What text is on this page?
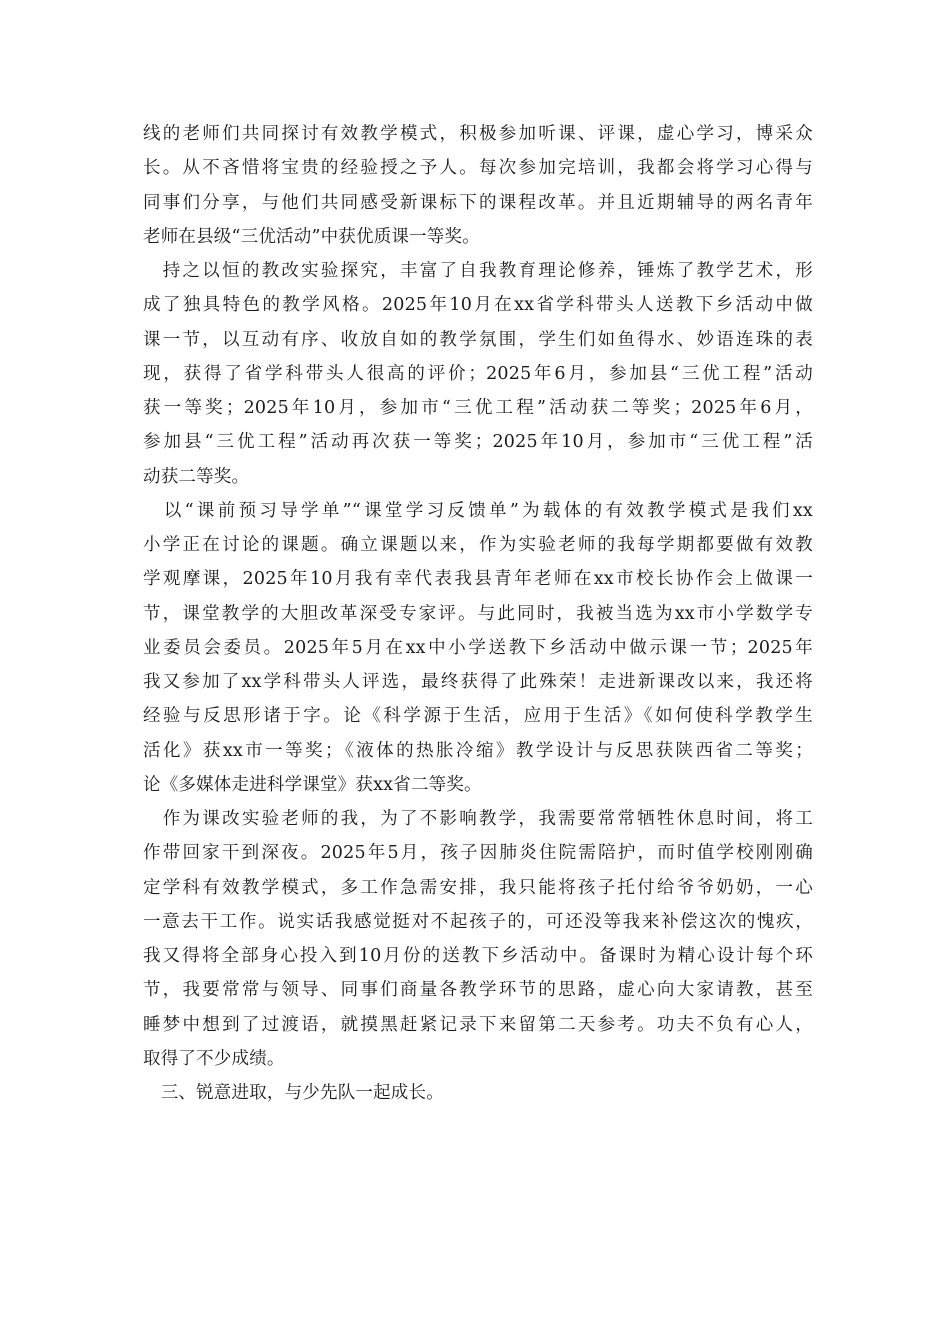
线的老师们共同探讨有效教学模式，积极参加听课、评课，虚心学习，博采众
长。从不吝惜将宝贵的经验授之予人。每次参加完培训，我都会将学习心得与
同事们分享，与他们共同感受新课标下的课程改革。并且近期辅导的两名青年
老师在县级“三优活动”中获优质课一等奖。
　持之以恒的教改实验探究，丰富了自我教育理论修养，锤炼了教学艺术，形
成了独具特色的教学风格。2025年10月在xx省学科带头人送教下乡活动中做
课一节，以互动有序、收放自如的教学氛围，学生们如鱼得水、妙语连珠的表
现，获得了省学科带头人很高的评价；2025年6月，参加县“三优工程”活动
获一等奖；2025年10月，参加市“三优工程”活动获二等奖；2025年6月，
参加县“三优工程”活动再次获一等奖；2025年10月，参加市“三优工程”活
动获二等奖。
　以“课前预习导学单”“课堂学习反馈单”为载体的有效教学模式是我们xx
小学正在讨论的课题。确立课题以来，作为实验老师的我每学期都要做有效教
学观摩课，2025年10月我有幸代表我县青年老师在xx市校长协作会上做课一
节，课堂教学的大胆改革深受专家评。与此同时，我被当选为xx市小学数学专
业委员会委员。2025年5月在xx中小学送教下乡活动中做示课一节；2025年
我又参加了xx学科带头人评选，最终获得了此殊荣！走进新课改以来，我还将
经验与反思形诸于字。论《科学源于生活，应用于生活》《如何使科学教学生
活化》获xx市一等奖；《液体的热胀冷缩》教学设计与反思获陕西省二等奖；
论《多媒体走进科学课堂》获xx省二等奖。
　作为课改实验老师的我，为了不影响教学，我需要常常牺牲休息时间，将工
作带回家干到深夜。2025年5月，孩子因肺炎住院需陪护，而时值学校刚刚确
定学科有效教学模式，多工作急需安排，我只能将孩子托付给爷爷奶奶，一心
一意去干工作。说实话我感觉挺对不起孩子的，可还没等我来补偿这次的愧疚，
我又得将全部身心投入到10月份的送教下乡活动中。备课时为精心设计每个环
节，我要常常与领导、同事们商量各教学环节的思路，虚心向大家请教，甚至
睡梦中想到了过渡语，就摸黑赶紧记录下来留第二天参考。功夫不负有心人，
取得了不少成绩。
　三、锐意进取，与少先队一起成长。
